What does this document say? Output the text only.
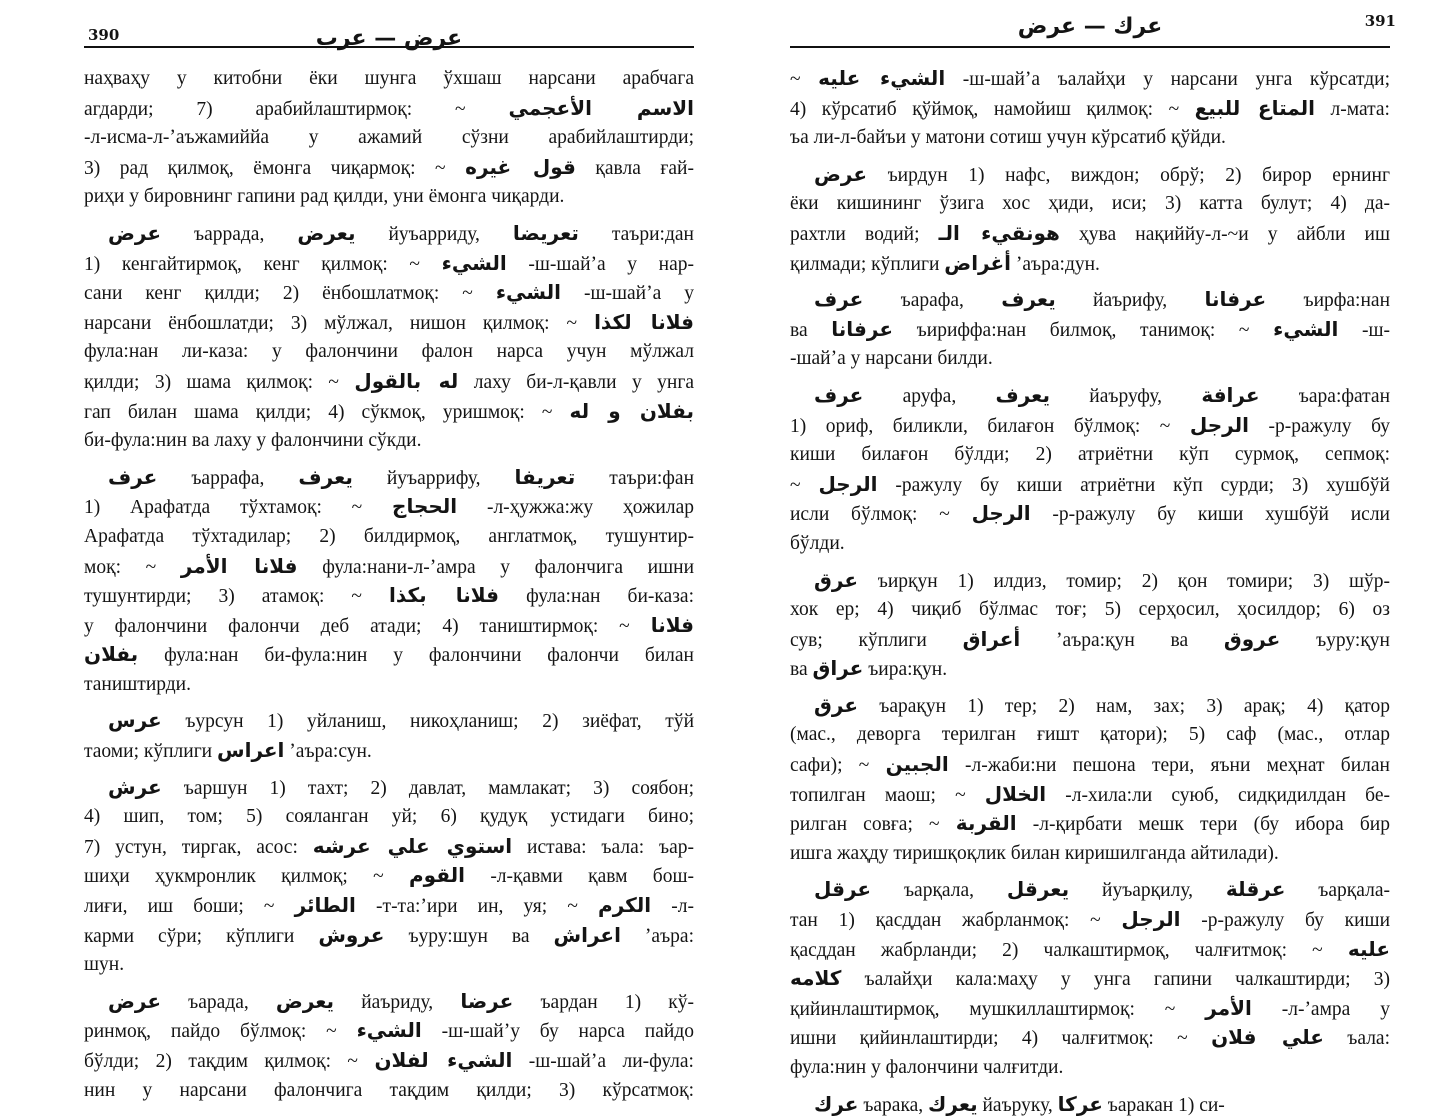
390	عرض — عرب
наҳваҳу у китобни ёки шунга ўхшаш нарсани арабчага
агдарди; 7) арабийлаштирмоқ: ~ الاسم الأعجمي
-л-исма-л-ʼаъжамиййа у ажамий сўзни арабийлаштирди;
3) рад қилмоқ, ёмонга чиқармоқ: ~ قول غيره қавла ғай-
риҳи у бировнинг гапини рад қилди, уни ёмонга чиқарди.
عرض ъаррада, يعرض йуъарриду, تعريضا таъри:дан
1) кенгайтирмоқ, кенг қилмоқ: ~ الشيء -ш-шайʼа у нар-
сани кенг қилди; 2) ёнбошлатмоқ: ~ الشيء -ш-шайʼа у
нарсани ёнбошлатди; 3) мўлжал, нишон қилмоқ: ~ فلانا لكذا
фула:нан ли-каза: у фалончини фалон нарса учун мўлжал
қилди; 3) шама қилмоқ: ~ له بالقول лаху би-л-қавли у унга
гап билан шама қилди; 4) сўкмоқ, уришмоқ: ~ بفلان و له
би-фула:нин ва лаху у фалончини сўкди.
عرف ъаррафа, يعرف йуъаррифу, تعريفا таъри:фан
1) Арафатда тўхтамоқ: ~ الحجاج -л-ҳужжа:жу ҳожилар
Арафатда тўхтадилар; 2) билдирмоқ, англатмоқ, тушунтир-
моқ: ~ فلانا الأمر фула:нани-л-ʼамра у фалончига ишни
тушунтирди; 3) атамоқ: ~ فلانا بكذا фула:нан би-каза:
у фалончини фалончи деб атади; 4) таништирмоқ: ~ فلانا
بفلان фула:нан би-фула:нин у фалончини фалончи билан
таништирди.
عرس ъурсун 1) уйланиш, никоҳланиш; 2) зиёфат, тўй
таоми; кўплиги اعراس ʼаъра:сун.
عرش ъаршун 1) тахт; 2) давлат, мамлакат; 3) соябон;
4) шип, том; 5) сояланган уй; 6) қудуқ устидаги бино;
7) устун, тиргак, асос: استوي علي عرشه истава: ъала: ъар-
шиҳи ҳукмронлик қилмоқ; ~ القوم -л-қавми қавм бош-
лиғи, иш боши; ~ الطائر -т-та:ʼири ин, уя; ~ الكرم -л-
карми сўри; кўплиги عروش ъуру:шун ва اعراش ʼаъра:
шун.
عرض ъарада, يعرض йаъриду, عرضا ъардан 1) кў-
ринмоқ, пайдо бўлмоқ: ~ الشيء -ш-шайʼу бу нарса пайдо
бўлди; 2) тақдим қилмоқ: ~ الشيء لفلان -ш-шайʼа ли-фула:
нин у нарсани фалончига тақдим қилди; 3) кўрсатмоқ:
391
عرك — عرض
~ الشيء عليه -ш-шайʼа ъалайҳи у нарсани унга кўрсатди;
4) кўрсатиб қўймоқ, намойиш қилмоқ: ~ المتاع للبيع л-мата:
ъа ли-л-байъи у матони сотиш учун кўрсатиб қўйди.
عرض ъирдун 1) нафс, виждон; обрў; 2) бирор ернинг
ёки кишининг ўзига хос ҳиди, иси; 3) катта булут; 4) да-
рахтли водий; هونقيء الـ ҳува нақиййу-л-~и у айбли иш
қилмади; кўплиги أغراض ʼаъра:дун.
عرف ъарафа, يعرف йаърифу, عرفانا ъирфа:нан
ва عرفانا ъириффа:нан билмоқ, танимоқ: ~ الشيء -ш-
-шайʼа у нарсани билди.
عرف аруфа, يعرف йаъруфу, عرافة ъара:фатан
1) ориф, биликли, билағон бўлмоқ: ~ الرجل -р-ражулу бу
киши билағон бўлди; 2) атриётни кўп сурмоқ, сепмоқ:
~ الرجل -ражулу бу киши атриётни кўп сурди; 3) хушбўй
исли бўлмоқ: ~ الرجل -р-ражулу бу киши хушбўй исли
бўлди.
عرق ъирқун 1) илдиз, томир; 2) қон томири; 3) шўр-
хок ер; 4) чиқиб бўлмас тоғ; 5) серҳосил, ҳосилдор; 6) оз
сув; кўплиги أعراق ʼаъра:қун ва عروق ъуру:қун
ва عراق ъира:қун.
عرق ъарақун 1) тер; 2) нам, зах; 3) арақ; 4) қатор
(мас., деворга терилган ғишт қатори); 5) саф (мас., отлар
сафи); ~ الجبين -л-жаби:ни пешона тери, яъни меҳнат билан
топилган маош; ~ الخلال -л-хила:ли суюб, сидқидилдан бе-
рилган совға; ~ القربة -л-қирбати мешк тери (бу ибора бир
ишга жаҳду тиришқоқлик билан киришилганда айтилади).
عرقل ъарқала, يعرقل йуъарқилу, عرقلة ъарқала-
тан 1) қасддан жабрланмоқ: ~ الرجل -р-ражулу бу киши
қасддан жабрланди; 2) чалкаштирмоқ, чалғитмоқ: ~ عليه
كلامه ъалайҳи кала:маҳу у унга гапини чалкаштирди; 3)
қийинлаштирмоқ, мушкиллаштирмоқ: ~ الأمر -л-ʼамра у
ишни қийинлаштирди; 4) чалғитмоқ: ~ علي فلان ъала:
фула:нин у фалончини чалғитди.
عرك ъарака, يعرك йаъруку, عركا ъаракан 1) си-
